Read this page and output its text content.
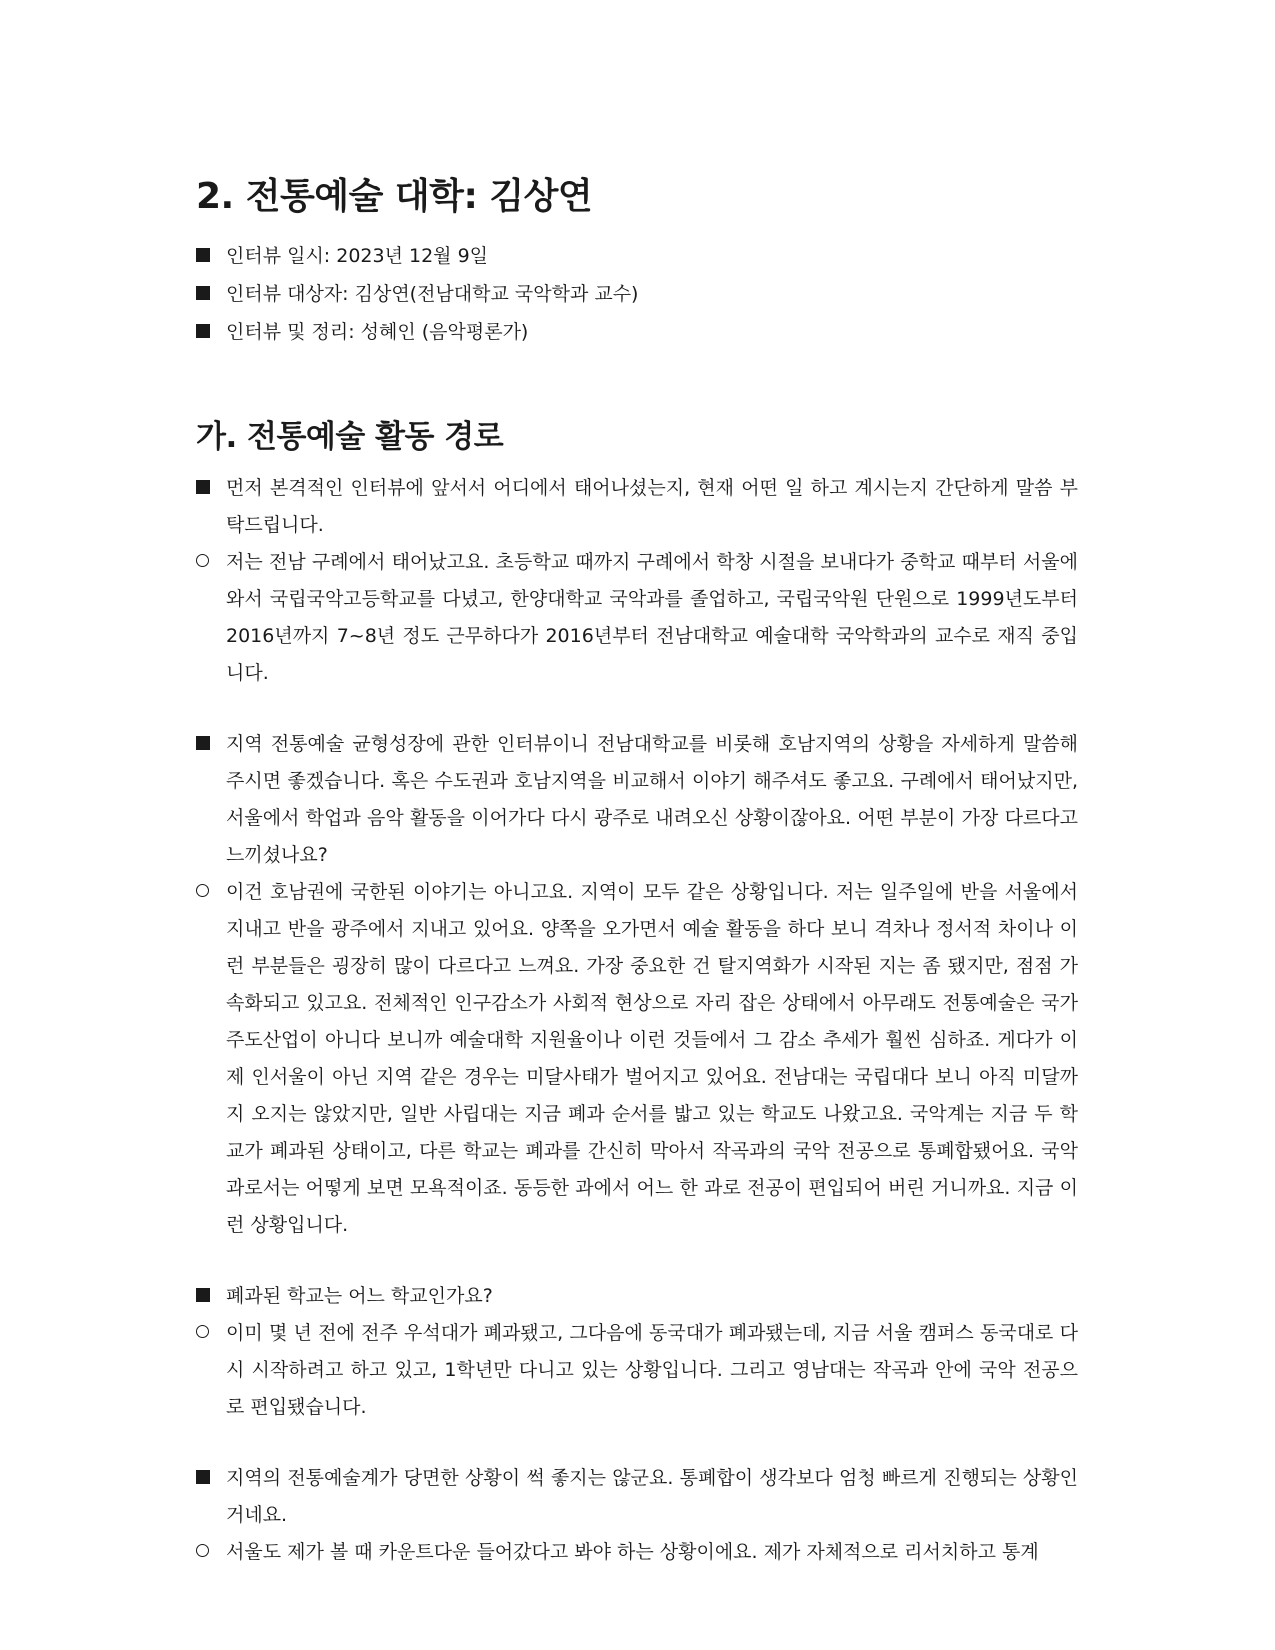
2. 전통예술 대학: 김상연
인터뷰 일시: 2023년 12월 9일
인터뷰 대상자: 김상연(전남대학교 국악학과 교수)
인터뷰 및 정리: 성혜인 (음악평론가)
가. 전통예술 활동 경로
먼저 본격적인 인터뷰에 앞서서 어디에서 태어나셨는지, 현재 어떤 일 하고 계시는지 간단하게 말씀 부탁드립니다.
저는 전남 구례에서 태어났고요. 초등학교 때까지 구례에서 학창 시절을 보내다가 중학교 때부터 서울에 와서 국립국악고등학교를 다녔고, 한양대학교 국악과를 졸업하고, 국립국악원 단원으로 1999년도부터 2016년까지 7~8년 정도 근무하다가 2016년부터 전남대학교 예술대학 국악학과의 교수로 재직 중입니다.
지역 전통예술 균형성장에 관한 인터뷰이니 전남대학교를 비롯해 호남지역의 상황을 자세하게 말씀해 주시면 좋겠습니다. 혹은 수도권과 호남지역을 비교해서 이야기 해주셔도 좋고요. 구례에서 태어났지만, 서울에서 학업과 음악 활동을 이어가다 다시 광주로 내려오신 상황이잖아요. 어떤 부분이 가장 다르다고 느끼셨나요?
이건 호남권에 국한된 이야기는 아니고요. 지역이 모두 같은 상황입니다. 저는 일주일에 반을 서울에서 지내고 반을 광주에서 지내고 있어요. 양쪽을 오가면서 예술 활동을 하다 보니 격차나 정서적 차이나 이런 부분들은 굉장히 많이 다르다고 느껴요. 가장 중요한 건 탈지역화가 시작된 지는 좀 됐지만, 점점 가속화되고 있고요. 전체적인 인구감소가 사회적 현상으로 자리 잡은 상태에서 아무래도 전통예술은 국가 주도산업이 아니다 보니까 예술대학 지원율이나 이런 것들에서 그 감소 추세가 훨씬 심하죠. 게다가 이제 인서울이 아닌 지역 같은 경우는 미달사태가 벌어지고 있어요. 전남대는 국립대다 보니 아직 미달까지 오지는 않았지만, 일반 사립대는 지금 폐과 순서를 밟고 있는 학교도 나왔고요. 국악계는 지금 두 학교가 폐과된 상태이고, 다른 학교는 폐과를 간신히 막아서 작곡과의 국악 전공으로 통폐합됐어요. 국악과로서는 어떻게 보면 모욕적이죠. 동등한 과에서 어느 한 과로 전공이 편입되어 버린 거니까요. 지금 이런 상황입니다.
폐과된 학교는 어느 학교인가요?
이미 몇 년 전에 전주 우석대가 폐과됐고, 그다음에 동국대가 폐과됐는데, 지금 서울 캠퍼스 동국대로 다시 시작하려고 하고 있고, 1학년만 다니고 있는 상황입니다. 그리고 영남대는 작곡과 안에 국악 전공으로 편입됐습니다.
지역의 전통예술계가 당면한 상황이 썩 좋지는 않군요. 통폐합이 생각보다 엄청 빠르게 진행되는 상황인 거네요.
서울도 제가 볼 때 카운트다운 들어갔다고 봐야 하는 상황이에요. 제가 자체적으로 리서치하고 통계
